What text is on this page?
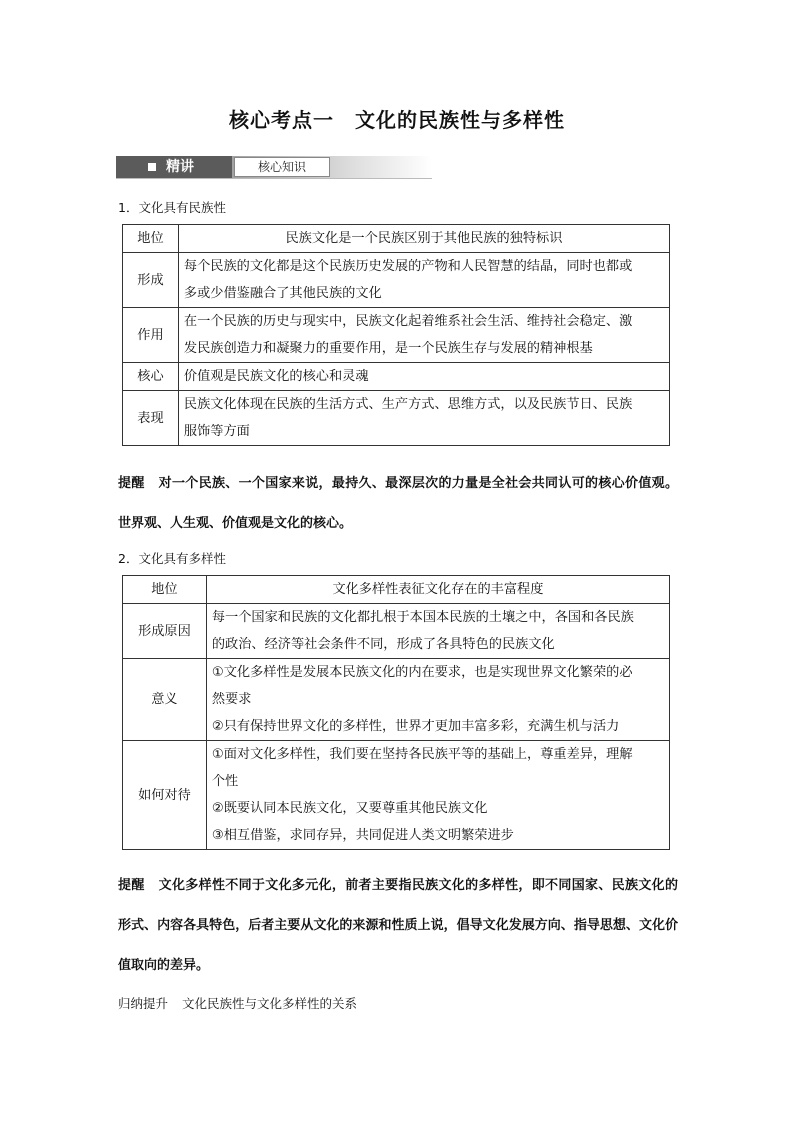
核心考点一　文化的民族性与多样性
精讲	核心知识
1．文化具有民族性
地位	民族文化是一个民族区别于其他民族的独特标识
形成	每个民族的文化都是这个民族历史发展的产物和人民智慧的结晶，同时也都或
多或少借鉴融合了其他民族的文化

作用	在一个民族的历史与现实中，民族文化起着维系社会生活、维持社会稳定、激
发民族创造力和凝聚力的重要作用，是一个民族生存与发展的精神根基

核心	价值观是民族文化的核心和灵魂

表现	民族文化体现在民族的生活方式、生产方式、思维方式，以及民族节日、民族
服饰等方面
提醒 对一个民族、一个国家来说，最持久、最深层次的力量是全社会共同认可的核心价值观。世界观、人生观、价值观是文化的核心。
2．文化具有多样性
地位	文化多样性表征文化存在的丰富程度
形成原因	每一个国家和民族的文化都扎根于本国本民族的土壤之中，各国和各民族
的政治、经济等社会条件不同，形成了各具特色的民族文化

意义	①文化多样性是发展本民族文化的内在要求，也是实现世界文化繁荣的必
然要求
②只有保持世界文化的多样性，世界才更加丰富多彩，充满生机与活力

如何对待	①面对文化多样性，我们要在坚持各民族平等的基础上，尊重差异，理解
个性
②既要认同本民族文化，又要尊重其他民族文化
③相互借鉴，求同存异，共同促进人类文明繁荣进步
提醒 文化多样性不同于文化多元化，前者主要指民族文化的多样性，即不同国家、民族文化的形式、内容各具特色，后者主要从文化的来源和性质上说，倡导文化发展方向、指导思想、文化价值取向的差异。
归纳提升 文化民族性与文化多样性的关系
